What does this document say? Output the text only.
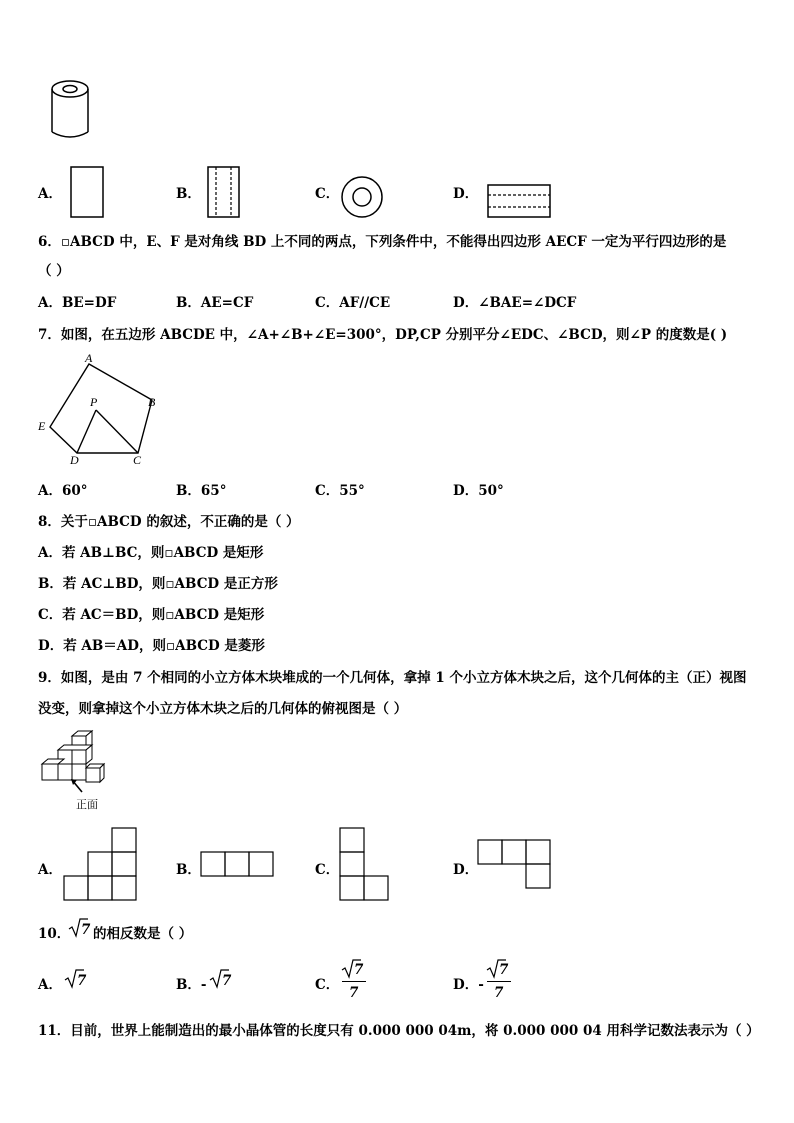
A．	B．	C．	D．
6．▫ABCD 中，E、F 是对角线 BD 上不同的两点，下列条件中，不能得出四边形 AECF 一定为平行四边形的是
（ ）
A．BE=DF	B．AE=CF	C．AF//CE	D．∠BAE=∠DCF
7．如图，在五边形 ABCDE 中，∠A+∠B+∠E=300°，DP,CP 分别平分∠EDC、∠BCD，则∠P 的度数是( )
A
B
C
D
E
P
A．60°	B．65°	C．55°	D．50°
8．关于▫ABCD 的叙述，不正确的是（ ）
A．若 AB⊥BC，则▫ABCD 是矩形
B．若 AC⊥BD，则▫ABCD 是正方形
C．若 AC＝BD，则▫ABCD 是矩形
D．若 AB＝AD，则▫ABCD 是菱形
9．如图，是由 7 个相同的小立方体木块堆成的一个几何体，拿掉 1 个小立方体木块之后，这个几何体的主（正）视图
没变，则拿掉这个小立方体木块之后的几何体的俯视图是（ ）
正面
A．	B．	C．	D．
10． 7 的相反数是（ ）
A． 7	B．- 7	C．
7
7	D．-
7
7
11．目前，世界上能制造出的最小晶体管的长度只有 0.000 000 04m，将 0.000 000 04 用科学记数法表示为（ ）
